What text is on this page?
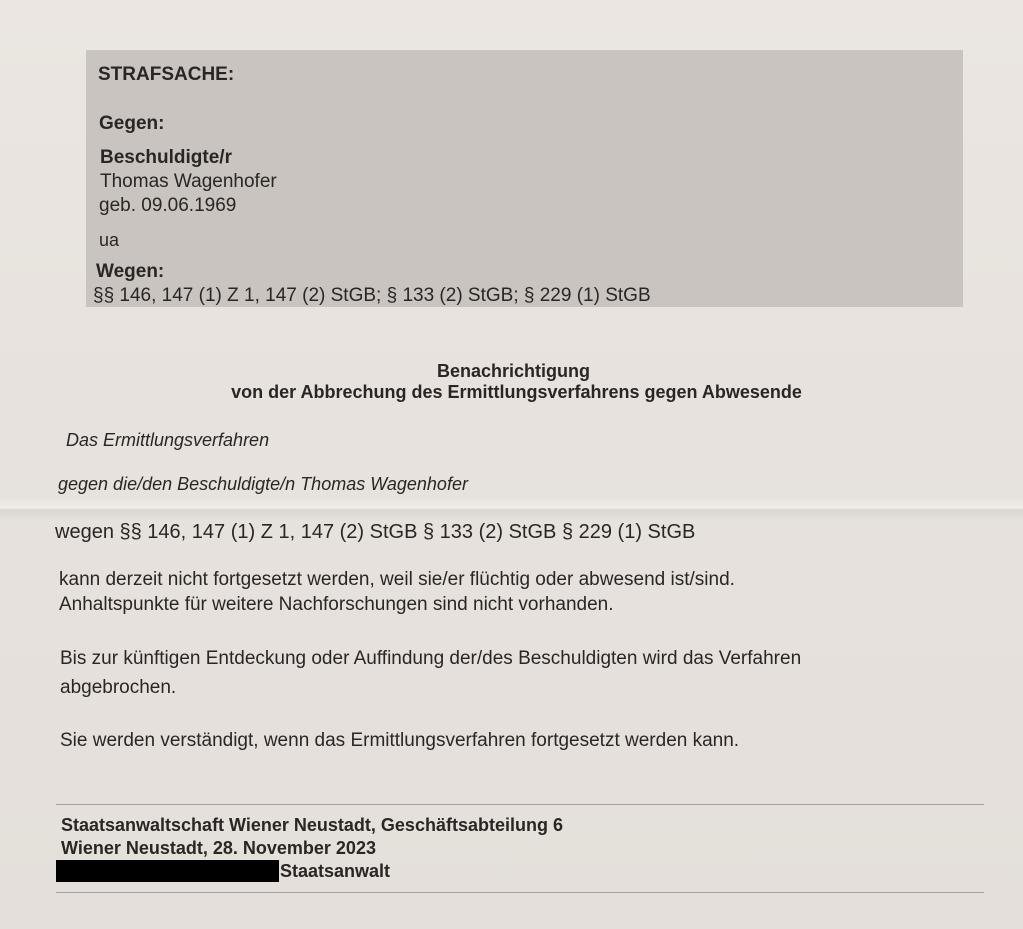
STRAFSACHE:
Gegen:
Beschuldigte/r
Thomas Wagenhofer
geb. 09.06.1969
ua
Wegen:
§§ 146, 147 (1) Z 1, 147 (2) StGB; § 133 (2) StGB; § 229 (1) StGB
Benachrichtigung
von der Abbrechung des Ermittlungsverfahrens gegen Abwesende
Das Ermittlungsverfahren
gegen die/den Beschuldigte/n Thomas Wagenhofer
wegen §§ 146, 147 (1) Z 1, 147 (2) StGB § 133 (2) StGB § 229 (1) StGB
kann derzeit nicht fortgesetzt werden, weil sie/er flüchtig oder abwesend ist/sind.
Anhaltspunkte für weitere Nachforschungen sind nicht vorhanden.
Bis zur künftigen Entdeckung oder Auffindung der/des Beschuldigten wird das Verfahren
abgebrochen.
Sie werden verständigt, wenn das Ermittlungsverfahren fortgesetzt werden kann.
Staatsanwaltschaft Wiener Neustadt, Geschäftsabteilung 6
Wiener Neustadt, 28. November 2023
Staatsanwalt
